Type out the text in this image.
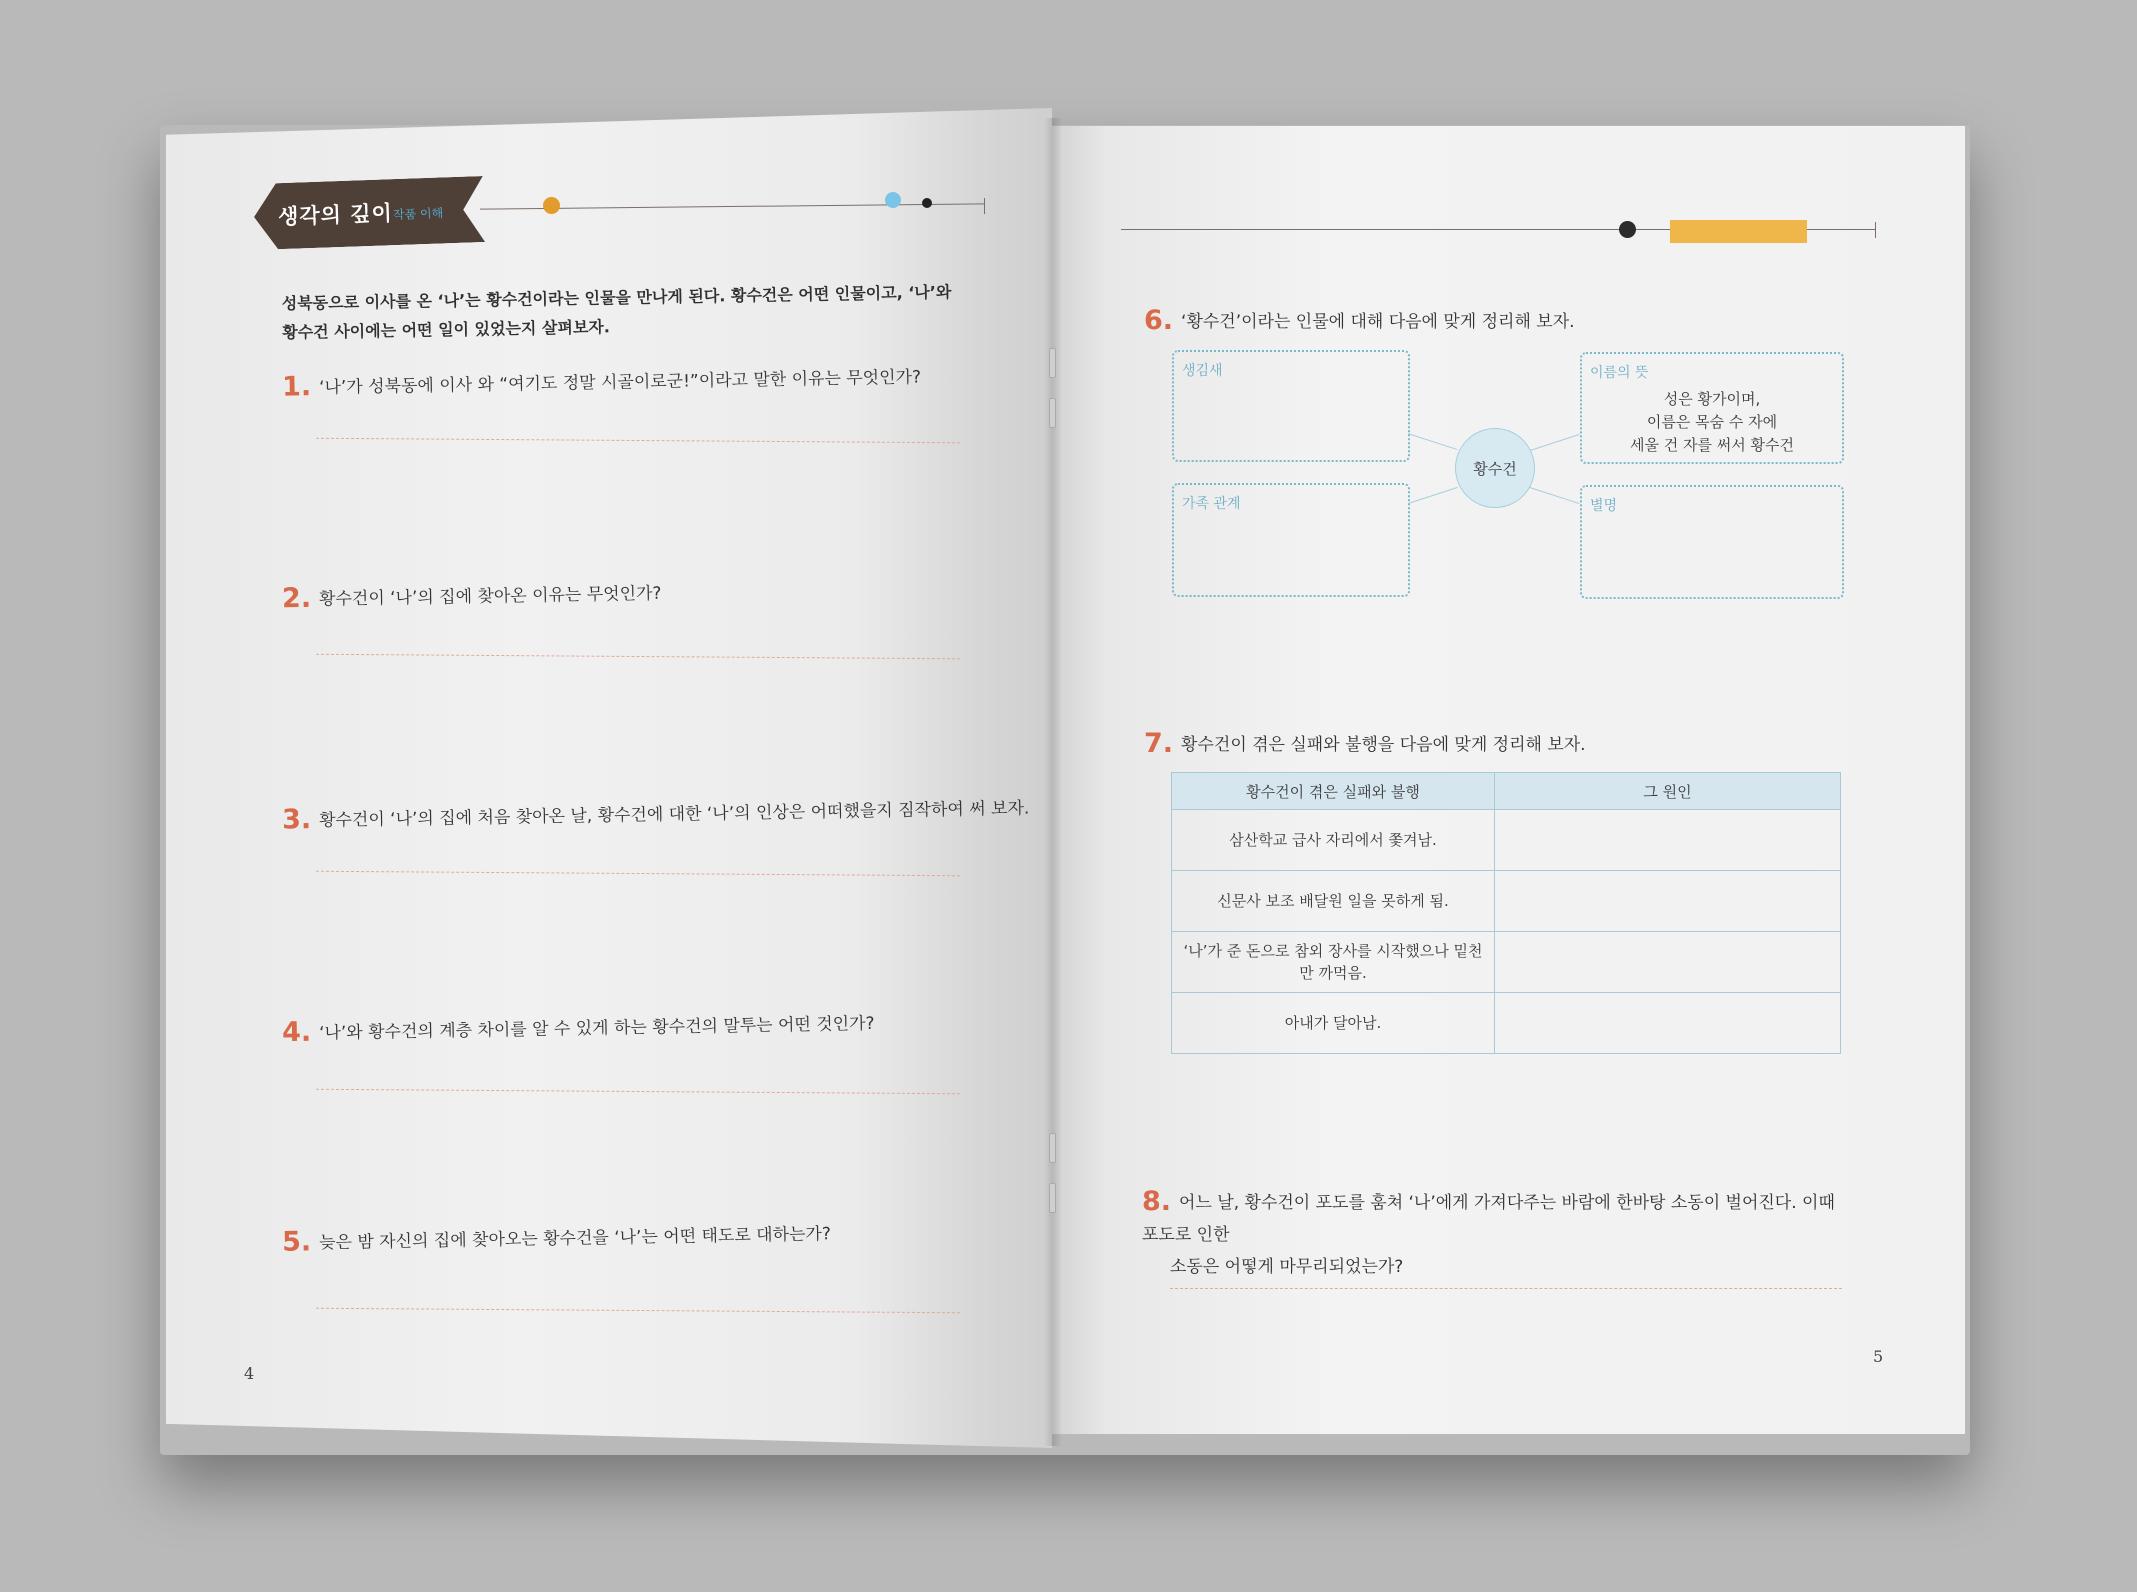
생각의 깊이 작품 이해
성북동으로 이사를 온 ‘나’는 황수건이라는 인물을 만나게 된다. 황수건은 어떤 인물이고, ‘나’와 황수건 사이에는 어떤 일이 있었는지 살펴보자.
1. ‘나’가 성북동에 이사 와 “여기도 정말 시골이로군!”이라고 말한 이유는 무엇인가?
2. 황수건이 ‘나’의 집에 찾아온 이유는 무엇인가?
3. 황수건이 ‘나’의 집에 처음 찾아온 날, 황수건에 대한 ‘나’의 인상은 어떠했을지 짐작하여 써 보자.
4. ‘나’와 황수건의 계층 차이를 알 수 있게 하는 황수건의 말투는 어떤 것인가?
5. 늦은 밤 자신의 집에 찾아오는 황수건을 ‘나’는 어떤 태도로 대하는가?
4
6. ‘황수건’이라는 인물에 대해 다음에 맞게 정리해 보자.
생김새	이름의 뜻
성은 황가이며,
이름은 목숨 수 자에
세울 건 자를 써서 황수건
가족 관계	별명
황수건
7. 황수건이 겪은 실패와 불행을 다음에 맞게 정리해 보자.
황수건이 겪은 실패와 불행	그 원인
삼산학교 급사 자리에서 쫓겨남.	
신문사 보조 배달원 일을 못하게 됨.	
‘나’가 준 돈으로 참외 장사를 시작했으나 밑천만 까먹음.	
아내가 달아남.	
8. 어느 날, 황수건이 포도를 훔쳐 ‘나’에게 가져다주는 바람에 한바탕 소동이 벌어진다. 이때 포도로 인한
소동은 어떻게 마무리되었는가?
5
